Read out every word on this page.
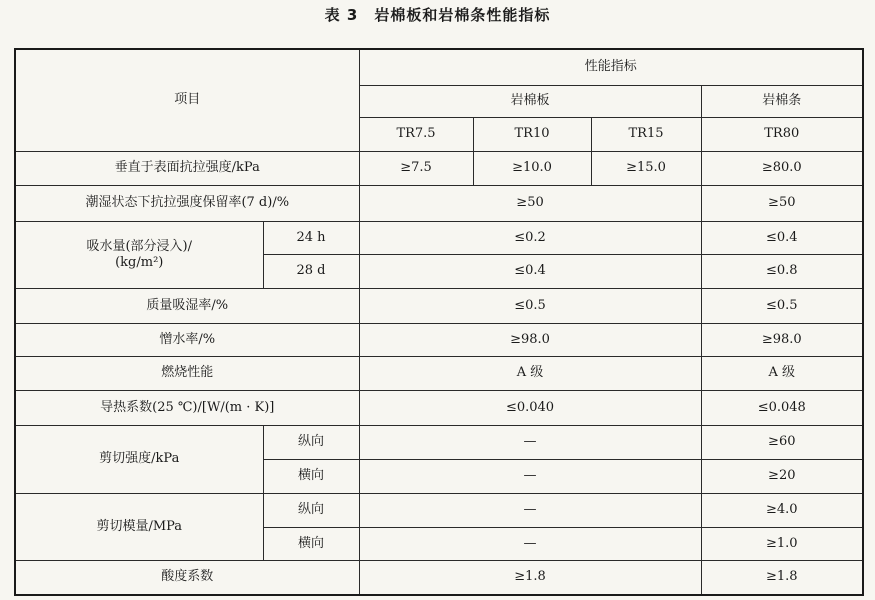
表 3　岩棉板和岩棉条性能指标
项目		性能指标			
		岩棉板			岩棉条
		TR7.5	TR10	TR15	TR80
垂直于表面抗拉强度/kPa		≥7.5	≥10.0	≥15.0	≥80.0
潮湿状态下抗拉强度保留率(7 d)/%		≥50			≥50
吸水量(部分浸入)/
(kg/m²)	24 h	≤0.2			≤0.4
	28 d	≤0.4			≤0.8
质量吸湿率/%		≤0.5			≤0.5
憎水率/%		≥98.0			≥98.0
燃烧性能		A 级			A 级
导热系数(25 ℃)/[W/(m · K)]		≤0.040			≤0.048
剪切强度/kPa	纵向	—			≥60
	横向	—			≥20
剪切模量/MPa	纵向	—			≥4.0
	横向	—			≥1.0
酸度系数		≥1.8			≥1.8
